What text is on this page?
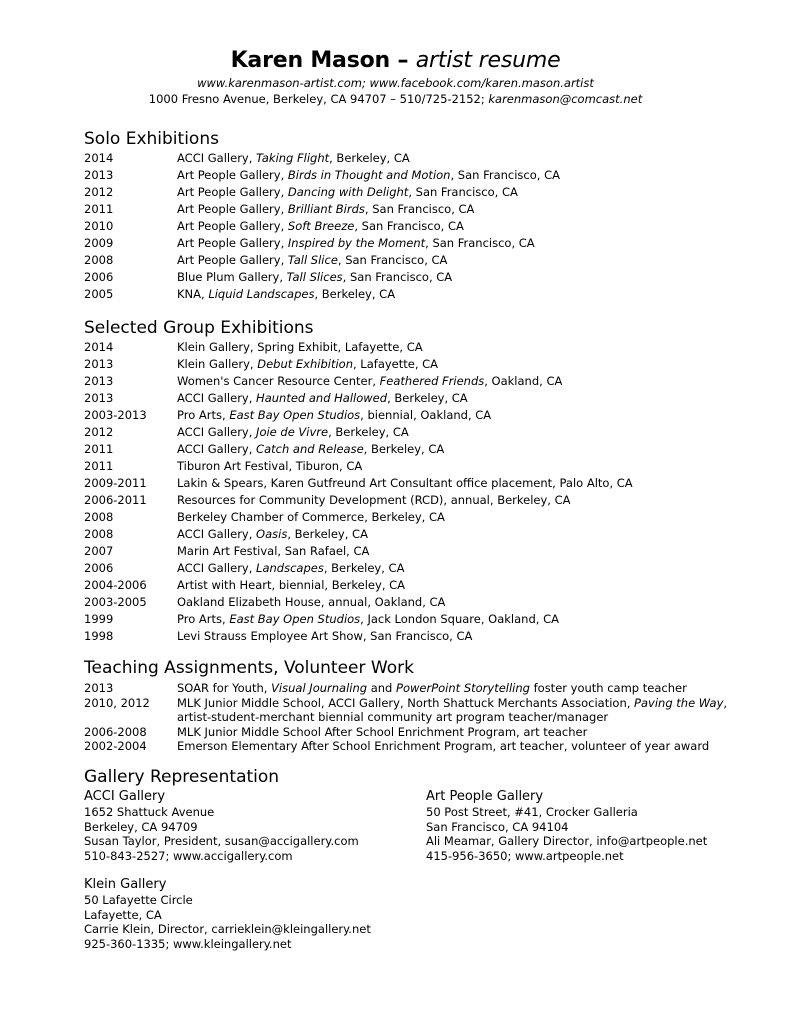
Karen Mason – artist resume
www.karenmason-artist.com; www.facebook.com/karen.mason.artist
1000 Fresno Avenue, Berkeley, CA 94707 – 510/725-2152; karenmason@comcast.net
Solo Exhibitions
2014	ACCI Gallery, Taking Flight, Berkeley, CA
2013	Art People Gallery, Birds in Thought and Motion, San Francisco, CA
2012	Art People Gallery, Dancing with Delight, San Francisco, CA
2011	Art People Gallery, Brilliant Birds, San Francisco, CA
2010	Art People Gallery, Soft Breeze, San Francisco, CA
2009	Art People Gallery, Inspired by the Moment, San Francisco, CA
2008	Art People Gallery, Tall Slice, San Francisco, CA
2006	Blue Plum Gallery, Tall Slices, San Francisco, CA
2005	KNA, Liquid Landscapes, Berkeley, CA
Selected Group Exhibitions
2014	Klein Gallery, Spring Exhibit, Lafayette, CA
2013	Klein Gallery, Debut Exhibition, Lafayette, CA
2013	Women's Cancer Resource Center, Feathered Friends, Oakland, CA
2013	ACCI Gallery, Haunted and Hallowed, Berkeley, CA
2003-2013	Pro Arts, East Bay Open Studios, biennial, Oakland, CA
2012	ACCI Gallery, Joie de Vivre, Berkeley, CA
2011	ACCI Gallery, Catch and Release, Berkeley, CA
2011	Tiburon Art Festival, Tiburon, CA
2009-2011	Lakin & Spears, Karen Gutfreund Art Consultant office placement, Palo Alto, CA
2006-2011	Resources for Community Development (RCD), annual, Berkeley, CA
2008	Berkeley Chamber of Commerce, Berkeley, CA
2008	ACCI Gallery, Oasis, Berkeley, CA
2007	Marin Art Festival, San Rafael, CA
2006	ACCI Gallery, Landscapes, Berkeley, CA
2004-2006	Artist with Heart, biennial, Berkeley, CA
2003-2005	Oakland Elizabeth House, annual, Oakland, CA
1999	Pro Arts, East Bay Open Studios, Jack London Square, Oakland, CA
1998	Levi Strauss Employee Art Show, San Francisco, CA
Teaching Assignments, Volunteer Work
2013	SOAR for Youth, Visual Journaling and PowerPoint Storytelling foster youth camp teacher
2010, 2012	MLK Junior Middle School, ACCI Gallery, North Shattuck Merchants Association, Paving the Way,
artist-student-merchant biennial community art program teacher/manager
2006-2008	MLK Junior Middle School After School Enrichment Program, art teacher
2002-2004	Emerson Elementary After School Enrichment Program, art teacher, volunteer of year award
Gallery Representation
ACCI Gallery
1652 Shattuck Avenue
Berkeley, CA 94709
Susan Taylor, President, susan@accigallery.com
510-843-2527; www.accigallery.com
Art People Gallery
50 Post Street, #41, Crocker Galleria
San Francisco, CA 94104
Ali Meamar, Gallery Director, info@artpeople.net
415-956-3650; www.artpeople.net
Klein Gallery
50 Lafayette Circle
Lafayette, CA
Carrie Klein, Director, carrieklein@kleingallery.net
925-360-1335; www.kleingallery.net
